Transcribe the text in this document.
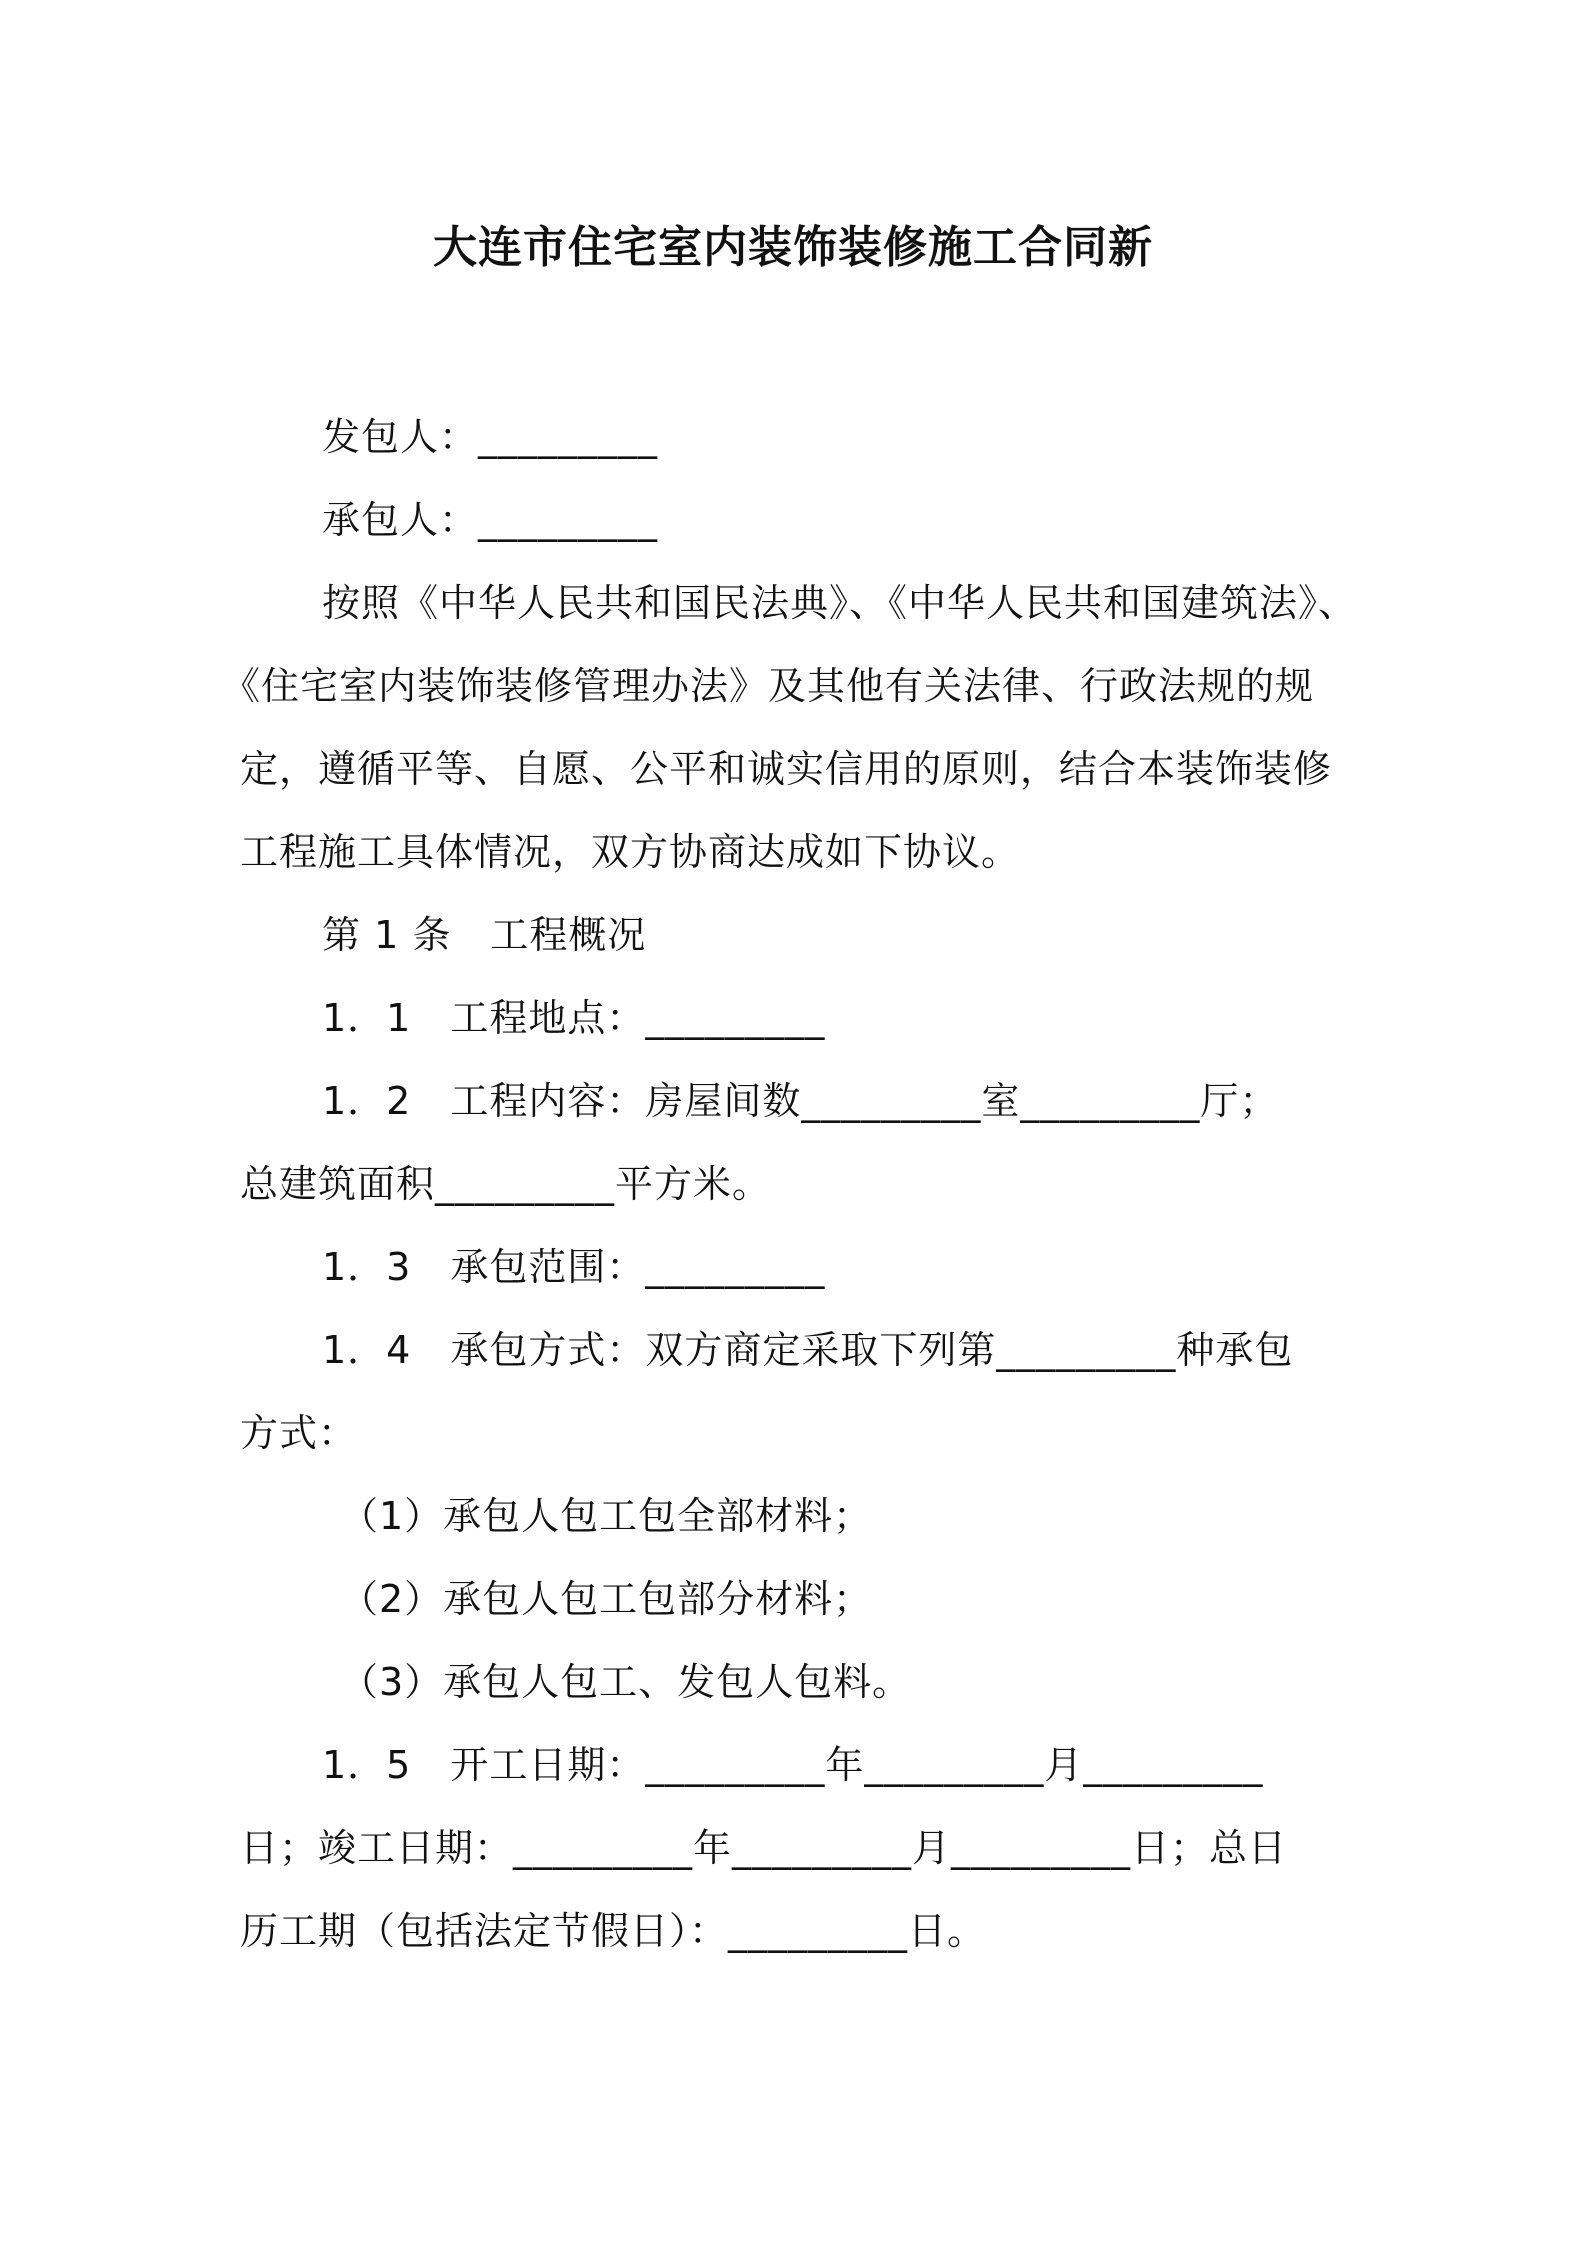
大连市住宅室内装饰装修施工合同新
发包人：_________
承包人：_________
按照《中华人民共和国民法典》、《中华人民共和国建筑法》、
《住宅室内装饰装修管理办法》及其他有关法律、行政法规的规
定，遵循平等、自愿、公平和诚实信用的原则，结合本装饰装修
工程施工具体情况，双方协商达成如下协议。
第 1 条　工程概况
1．1　工程地点：_________
1．2　工程内容：房屋间数_________室_________厅；
总建筑面积_________平方米。
1．3　承包范围：_________
1．4　承包方式：双方商定采取下列第_________种承包
方式：
（1）承包人包工包全部材料；
（2）承包人包工包部分材料；
（3）承包人包工、发包人包料。
1．5　开工日期：_________年_________月_________
日；竣工日期：_________年_________月_________日；总日
历工期（包括法定节假日）：_________日。
